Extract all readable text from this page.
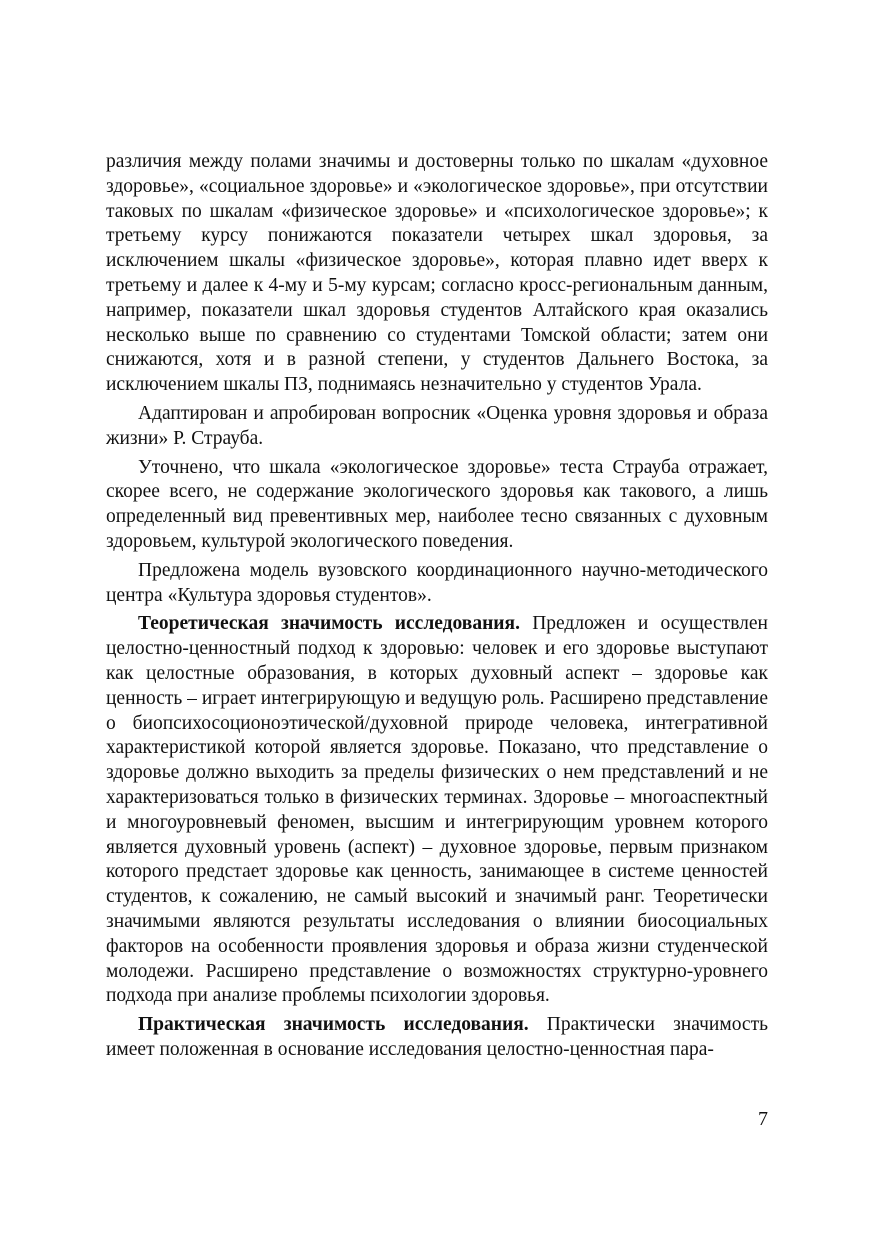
различия между полами значимы и достоверны только по шкалам «духовное здоровье», «социальное здоровье» и «экологическое здоровье», при отсутствии таковых по шкалам «физическое здоровье» и «психологическое здоровье»; к третьему курсу понижаются показатели четырех шкал здоровья, за исключением шкалы «физическое здоровье», которая плавно идет вверх к третьему и далее к 4-му и 5-му курсам; согласно кросс-региональным данным, например, показатели шкал здоровья студентов Алтайского края оказались несколько выше по сравнению со студентами Томской области; затем они снижаются, хотя и в разной степени, у студентов Дальнего Востока, за исключением шкалы ПЗ, поднимаясь незначительно у студентов Урала.

Адаптирован и апробирован вопросник «Оценка уровня здоровья и образа жизни» Р. Страуба.

Уточнено, что шкала «экологическое здоровье» теста Страуба отражает, скорее всего, не содержание экологического здоровья как такового, а лишь определенный вид превентивных мер, наиболее тесно связанных с духовным здоровьем, культурой экологического поведения.

Предложена модель вузовского координационного научно-методического центра «Культура здоровья студентов».

Теоретическая значимость исследования. Предложен и осуществлен целостно-ценностный подход к здоровью: человек и его здоровье выступают как целостные образования, в которых духовный аспект – здоровье как ценность – играет интегрирующую и ведущую роль. Расширено представление о биопсихосоционоэтической/духовной природе человека, интегративной характеристикой которой является здоровье. Показано, что представление о здоровье должно выходить за пределы физических о нем представлений и не характеризоваться только в физических терминах. Здоровье – многоаспектный и многоуровневый феномен, высшим и интегрирующим уровнем которого является духовный уровень (аспект) – духовное здоровье, первым признаком которого предстает здоровье как ценность, занимающее в системе ценностей студентов, к сожалению, не самый высокий и значимый ранг. Теоретически значимыми являются результаты исследования о влиянии биосоциальных факторов на особенности проявления здоровья и образа жизни студенческой молодежи. Расширено представление о возможностях структурно-уровнего подхода при анализе проблемы психологии здоровья.

Практическая значимость исследования. Практически значимость имеет положенная в основание исследования целостно-ценностная пара-

7
